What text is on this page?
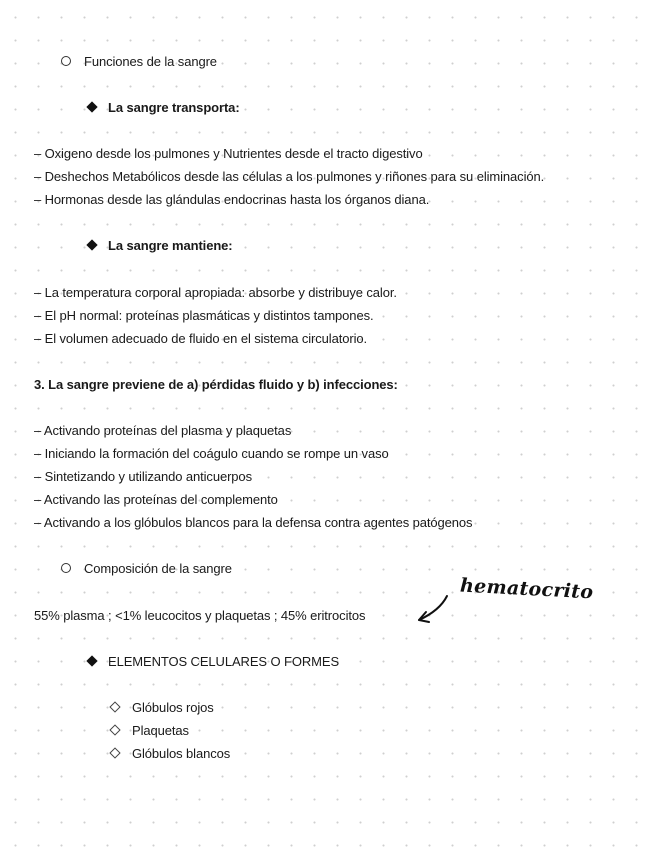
Funciones de la sangre
La sangre transporta:
– Oxigeno desde los pulmones y Nutrientes desde el tracto digestivo
– Deshechos Metabólicos desde las células a los pulmones y riñones para su eliminación.
– Hormonas desde las glándulas endocrinas hasta los órganos diana.
La sangre mantiene:
– La temperatura corporal apropiada: absorbe y distribuye calor.
– El pH normal: proteínas plasmáticas y distintos tampones.
– El volumen adecuado de fluido en el sistema circulatorio.
3. La sangre previene de a) pérdidas fluido y b) infecciones:
– Activando proteínas del plasma y plaquetas
– Iniciando la formación del coágulo cuando se rompe un vaso
– Sintetizando y utilizando anticuerpos
– Activando las proteínas del complemento
– Activando a los glóbulos blancos para la defensa contra agentes patógenos
Composición de la sangre
55% plasma ; <1% leucocitos y plaquetas ; 45% eritrocitos
hematocrito
ELEMENTOS CELULARES O FORMES
Glóbulos rojos
Plaquetas
Glóbulos blancos
